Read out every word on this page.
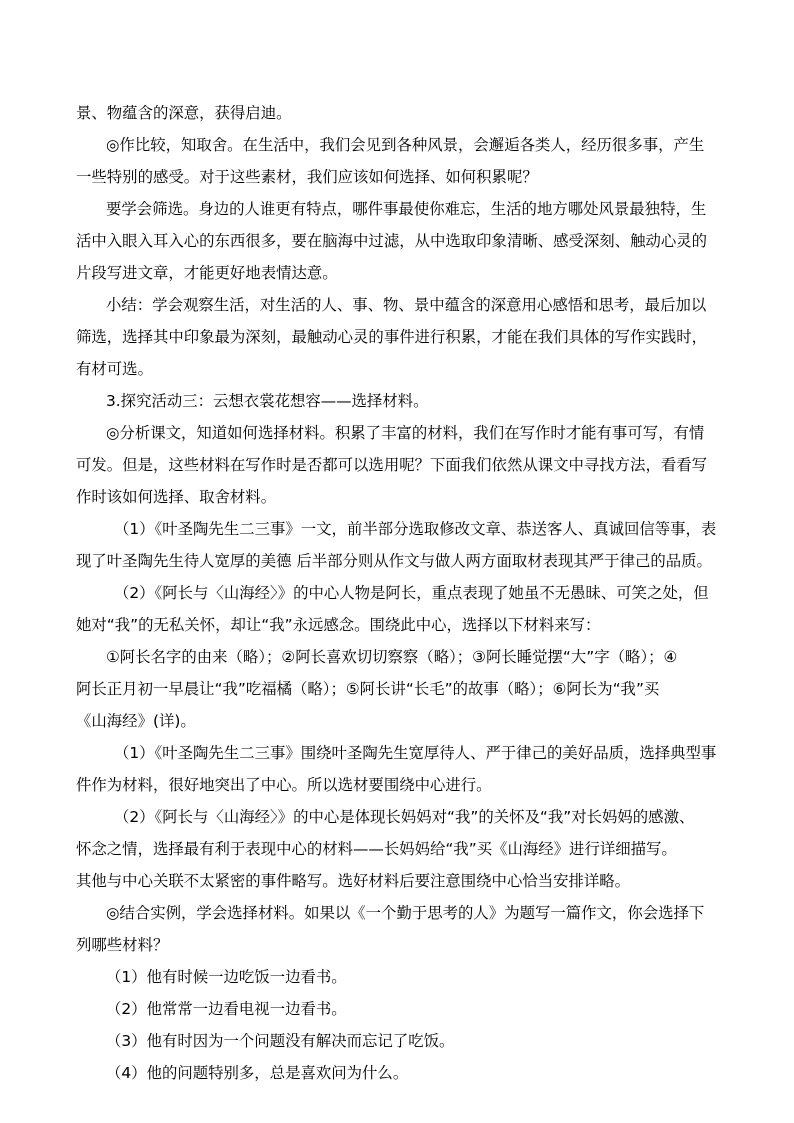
景、物蕴含的深意，获得启迪。
◎作比较，知取舍。在生活中，我们会见到各种风景，会邂逅各类人，经历很多事，产生
一些特别的感受。对于这些素材，我们应该如何选择、如何积累呢？
要学会筛选。身边的人谁更有特点，哪件事最使你难忘，生活的地方哪处风景最独特，生
活中入眼入耳入心的东西很多，要在脑海中过滤，从中选取印象清晰、感受深刻、触动心灵的
片段写进文章，才能更好地表情达意。
小结：学会观察生活，对生活的人、事、物、景中蕴含的深意用心感悟和思考，最后加以
筛选，选择其中印象最为深刻，最触动心灵的事件进行积累，才能在我们具体的写作实践时，
有材可选。
3.探究活动三：云想衣裳花想容——选择材料。
◎分析课文，知道如何选择材料。积累了丰富的材料，我们在写作时才能有事可写，有情
可发。但是，这些材料在写作时是否都可以选用呢？下面我们依然从课文中寻找方法，看看写
作时该如何选择、取舍材料。
（1）《叶圣陶先生二三事》一文，前半部分选取修改文章、恭送客人、真诚回信等事，表
现了叶圣陶先生待人宽厚的美德 后半部分则从作文与做人两方面取材表现其严于律己的品质。
（2）《阿长与〈山海经〉》的中心人物是阿长，重点表现了她虽不无愚昧、可笑之处，但
她对“我”的无私关怀，却让“我”永远感念。围绕此中心，选择以下材料来写：
①阿长名字的由来（略）；②阿长喜欢切切察察（略）；③阿长睡觉摆“大”字（略）；④
阿长正月初一早晨让“我”吃福橘（略）；⑤阿长讲“长毛”的故事（略）；⑥阿长为“我”买
《山海经》(详)。
（1）《叶圣陶先生二三事》围绕叶圣陶先生宽厚待人、严于律己的美好品质，选择典型事
件作为材料，很好地突出了中心。所以选材要围绕中心进行。
（2）《阿长与〈山海经〉》的中心是体现长妈妈对“我”的关怀及“我”对长妈妈的感激、
怀念之情，选择最有利于表现中心的材料——长妈妈给“我”买《山海经》进行详细描写。
其他与中心关联不太紧密的事件略写。选好材料后要注意围绕中心恰当安排详略。
◎结合实例，学会选择材料。如果以《一个勤于思考的人》为题写一篇作文，你会选择下
列哪些材料？
（1）他有时候一边吃饭一边看书。
（2）他常常一边看电视一边看书。
（3）他有时因为一个问题没有解决而忘记了吃饭。
（4）他的问题特别多，总是喜欢问为什么。
